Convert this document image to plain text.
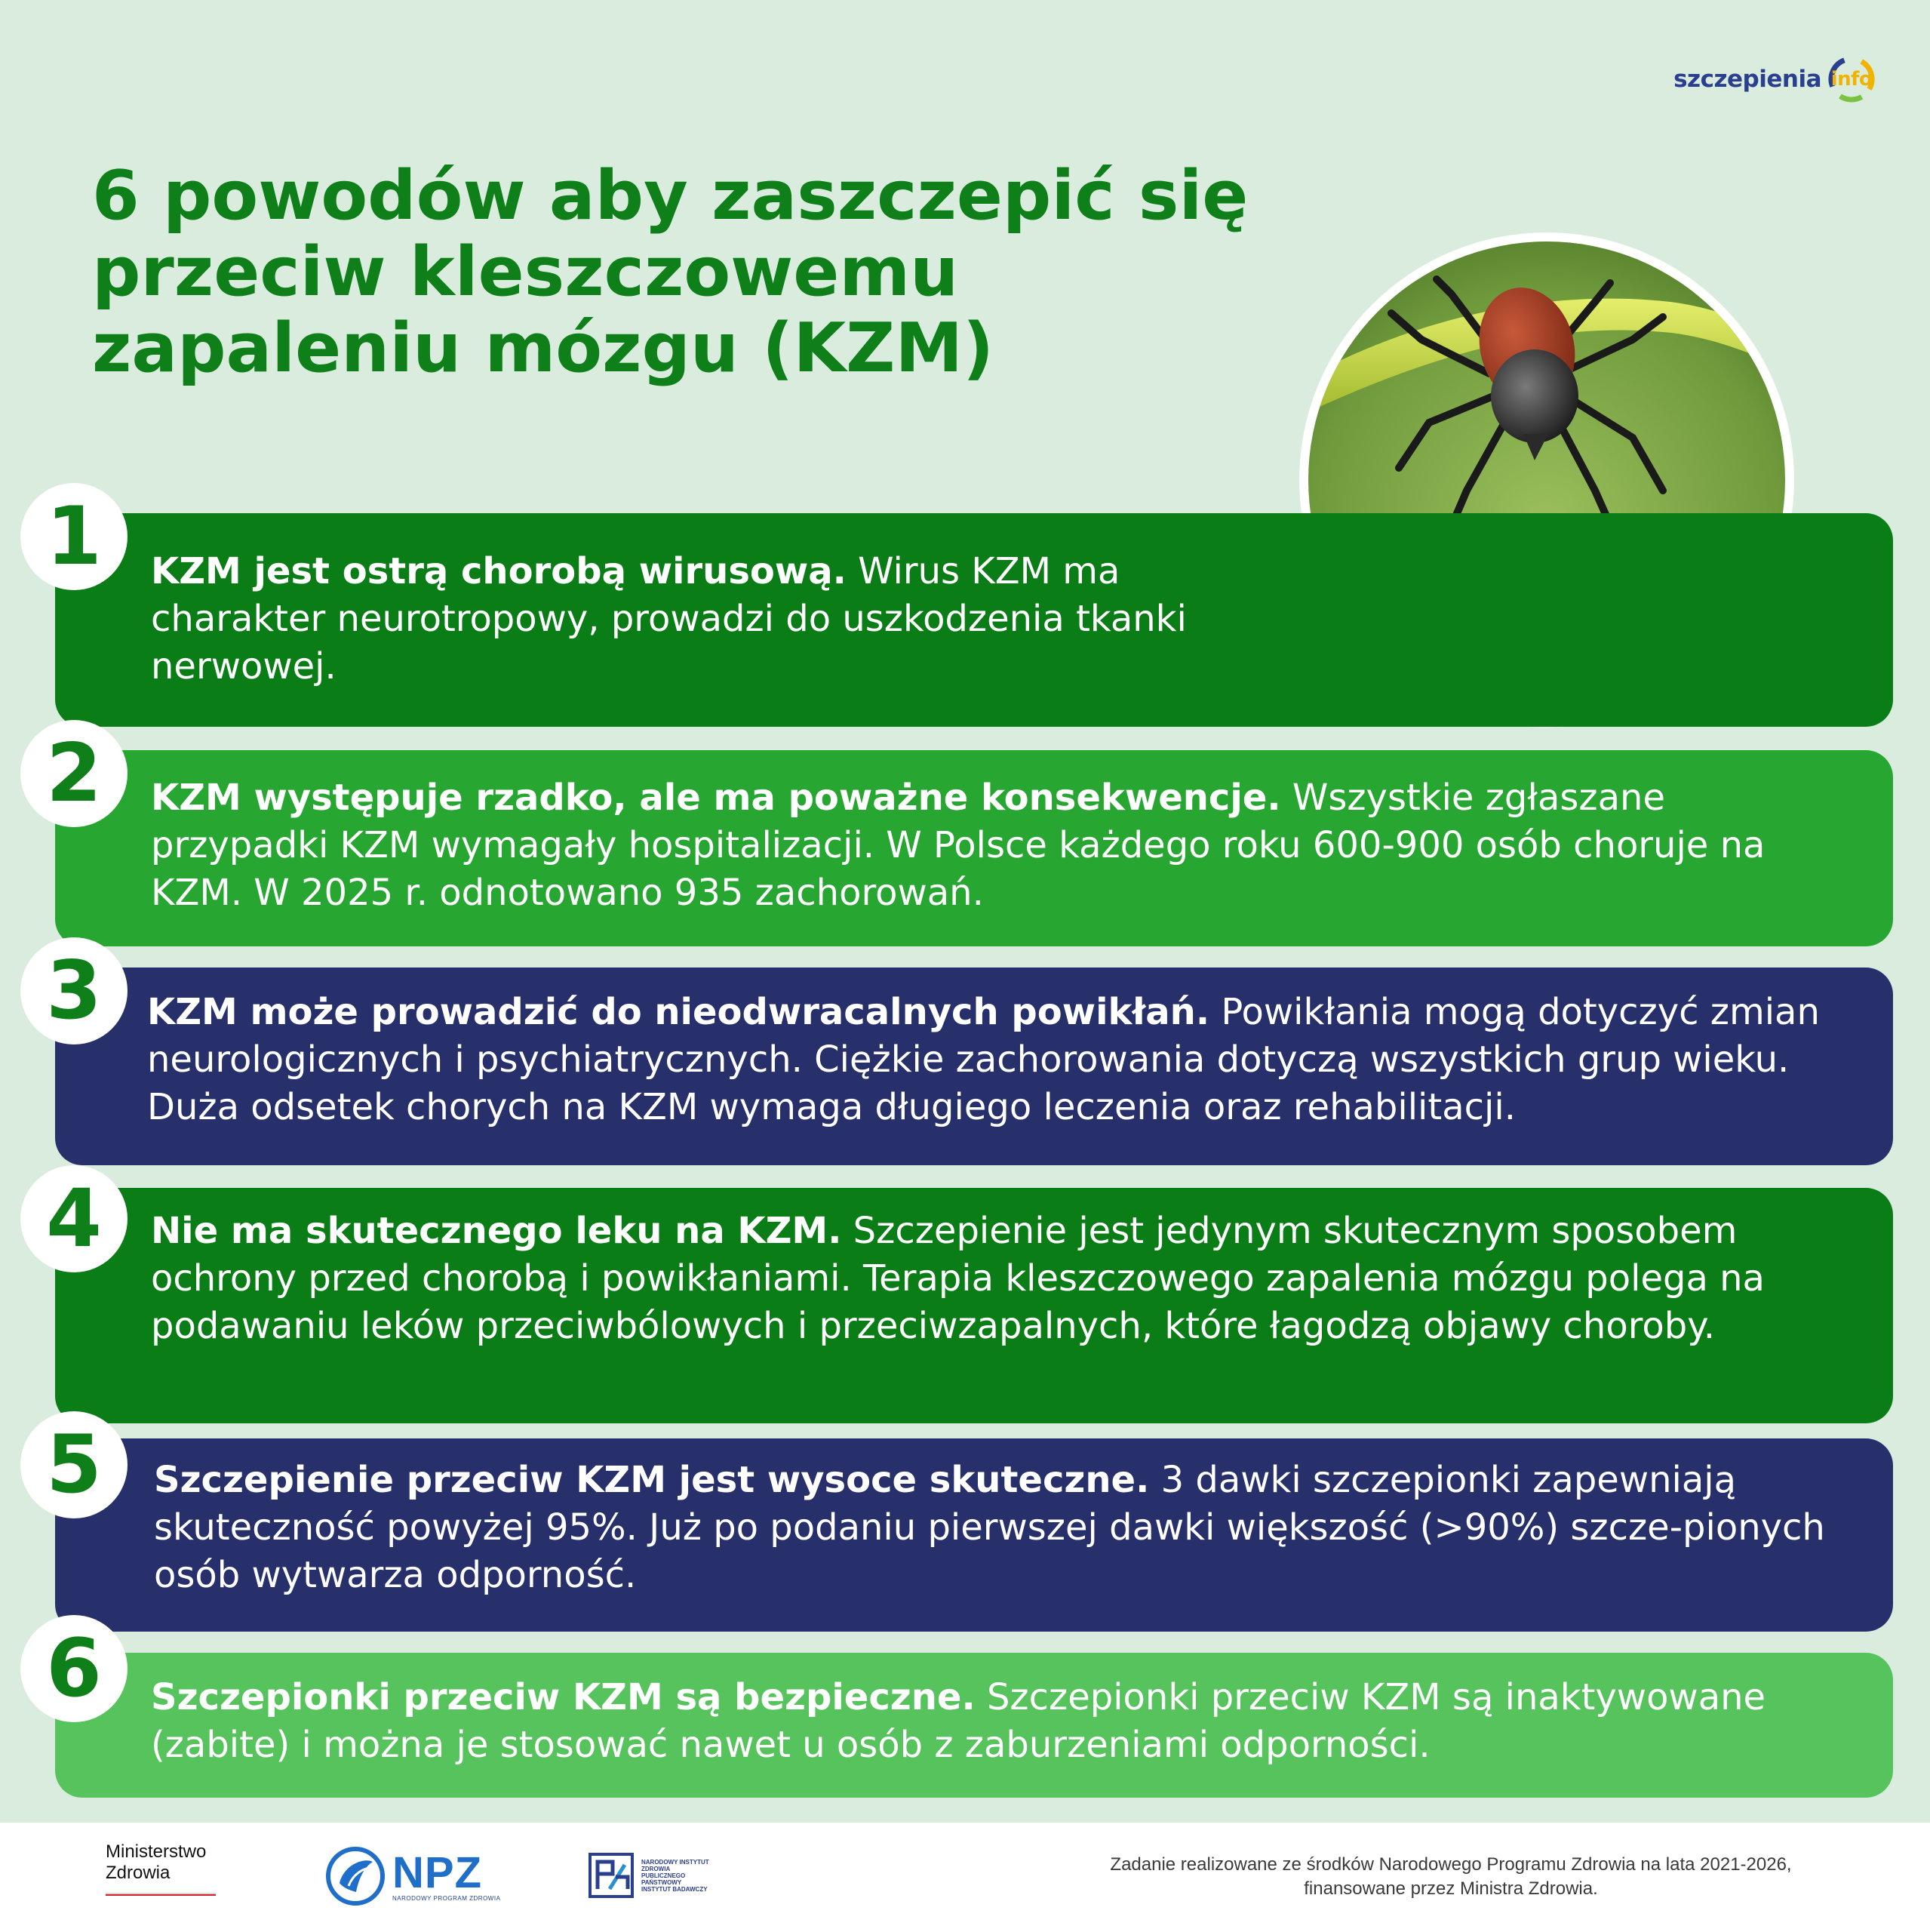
szczepienia info
6 powodów aby zaszczepić się
przeciw kleszczowemu
zapaleniu mózgu (KZM)

KZM jest ostrą chorobą wirusową. Wirus KZM ma charakter neurotropowy, prowadzi do uszkodzenia tkanki nerwowej.

1

KZM występuje rzadko, ale ma poważne konsekwencje. Wszystkie zgłaszane przypadki KZM wymagały hospitalizacji. W Polsce każdego roku 600-900 osób choruje na KZM. W 2025 r. odnotowano 935 zachorowań.

2

KZM może prowadzić do nieodwracalnych powikłań. Powikłania mogą dotyczyć zmian neurologicznych i psychiatrycznych. Ciężkie zachorowania dotyczą wszystkich grup wieku. Duża odsetek chorych na KZM wymaga długiego leczenia oraz rehabilitacji.

3

Nie ma skutecznego leku na KZM. Szczepienie jest jedynym skutecznym sposobem ochrony przed chorobą i powikłaniami. Terapia kleszczowego zapalenia mózgu polega na podawaniu leków przeciwbólowych i przeciwzapalnych, które łagodzą objawy choroby.

4

Szczepienie przeciw KZM jest wysoce skuteczne. 3 dawki szczepionki zapewniają skuteczność powyżej 95%. Już po podaniu pierwszej dawki większość (>90%) szcze-pionych osób wytwarza odporność.

5

Szczepionki przeciw KZM są bezpieczne. Szczepionki przeciw KZM są inaktywowane (zabite) i można je stosować nawet u osób z zaburzeniami odporności.

6
Ministerstwo
Zdrowia	NPZ
NARODOWY PROGRAM ZDROWIA
NARODOWY INSTYTUT ZDROWIA PUBLICZNEGO PAŃSTWOWY INSTYTUT BADAWCZY
Zadanie realizowane ze środków Narodowego Programu Zdrowia na lata 2021-2026,
finansowane przez Ministra Zdrowia.
